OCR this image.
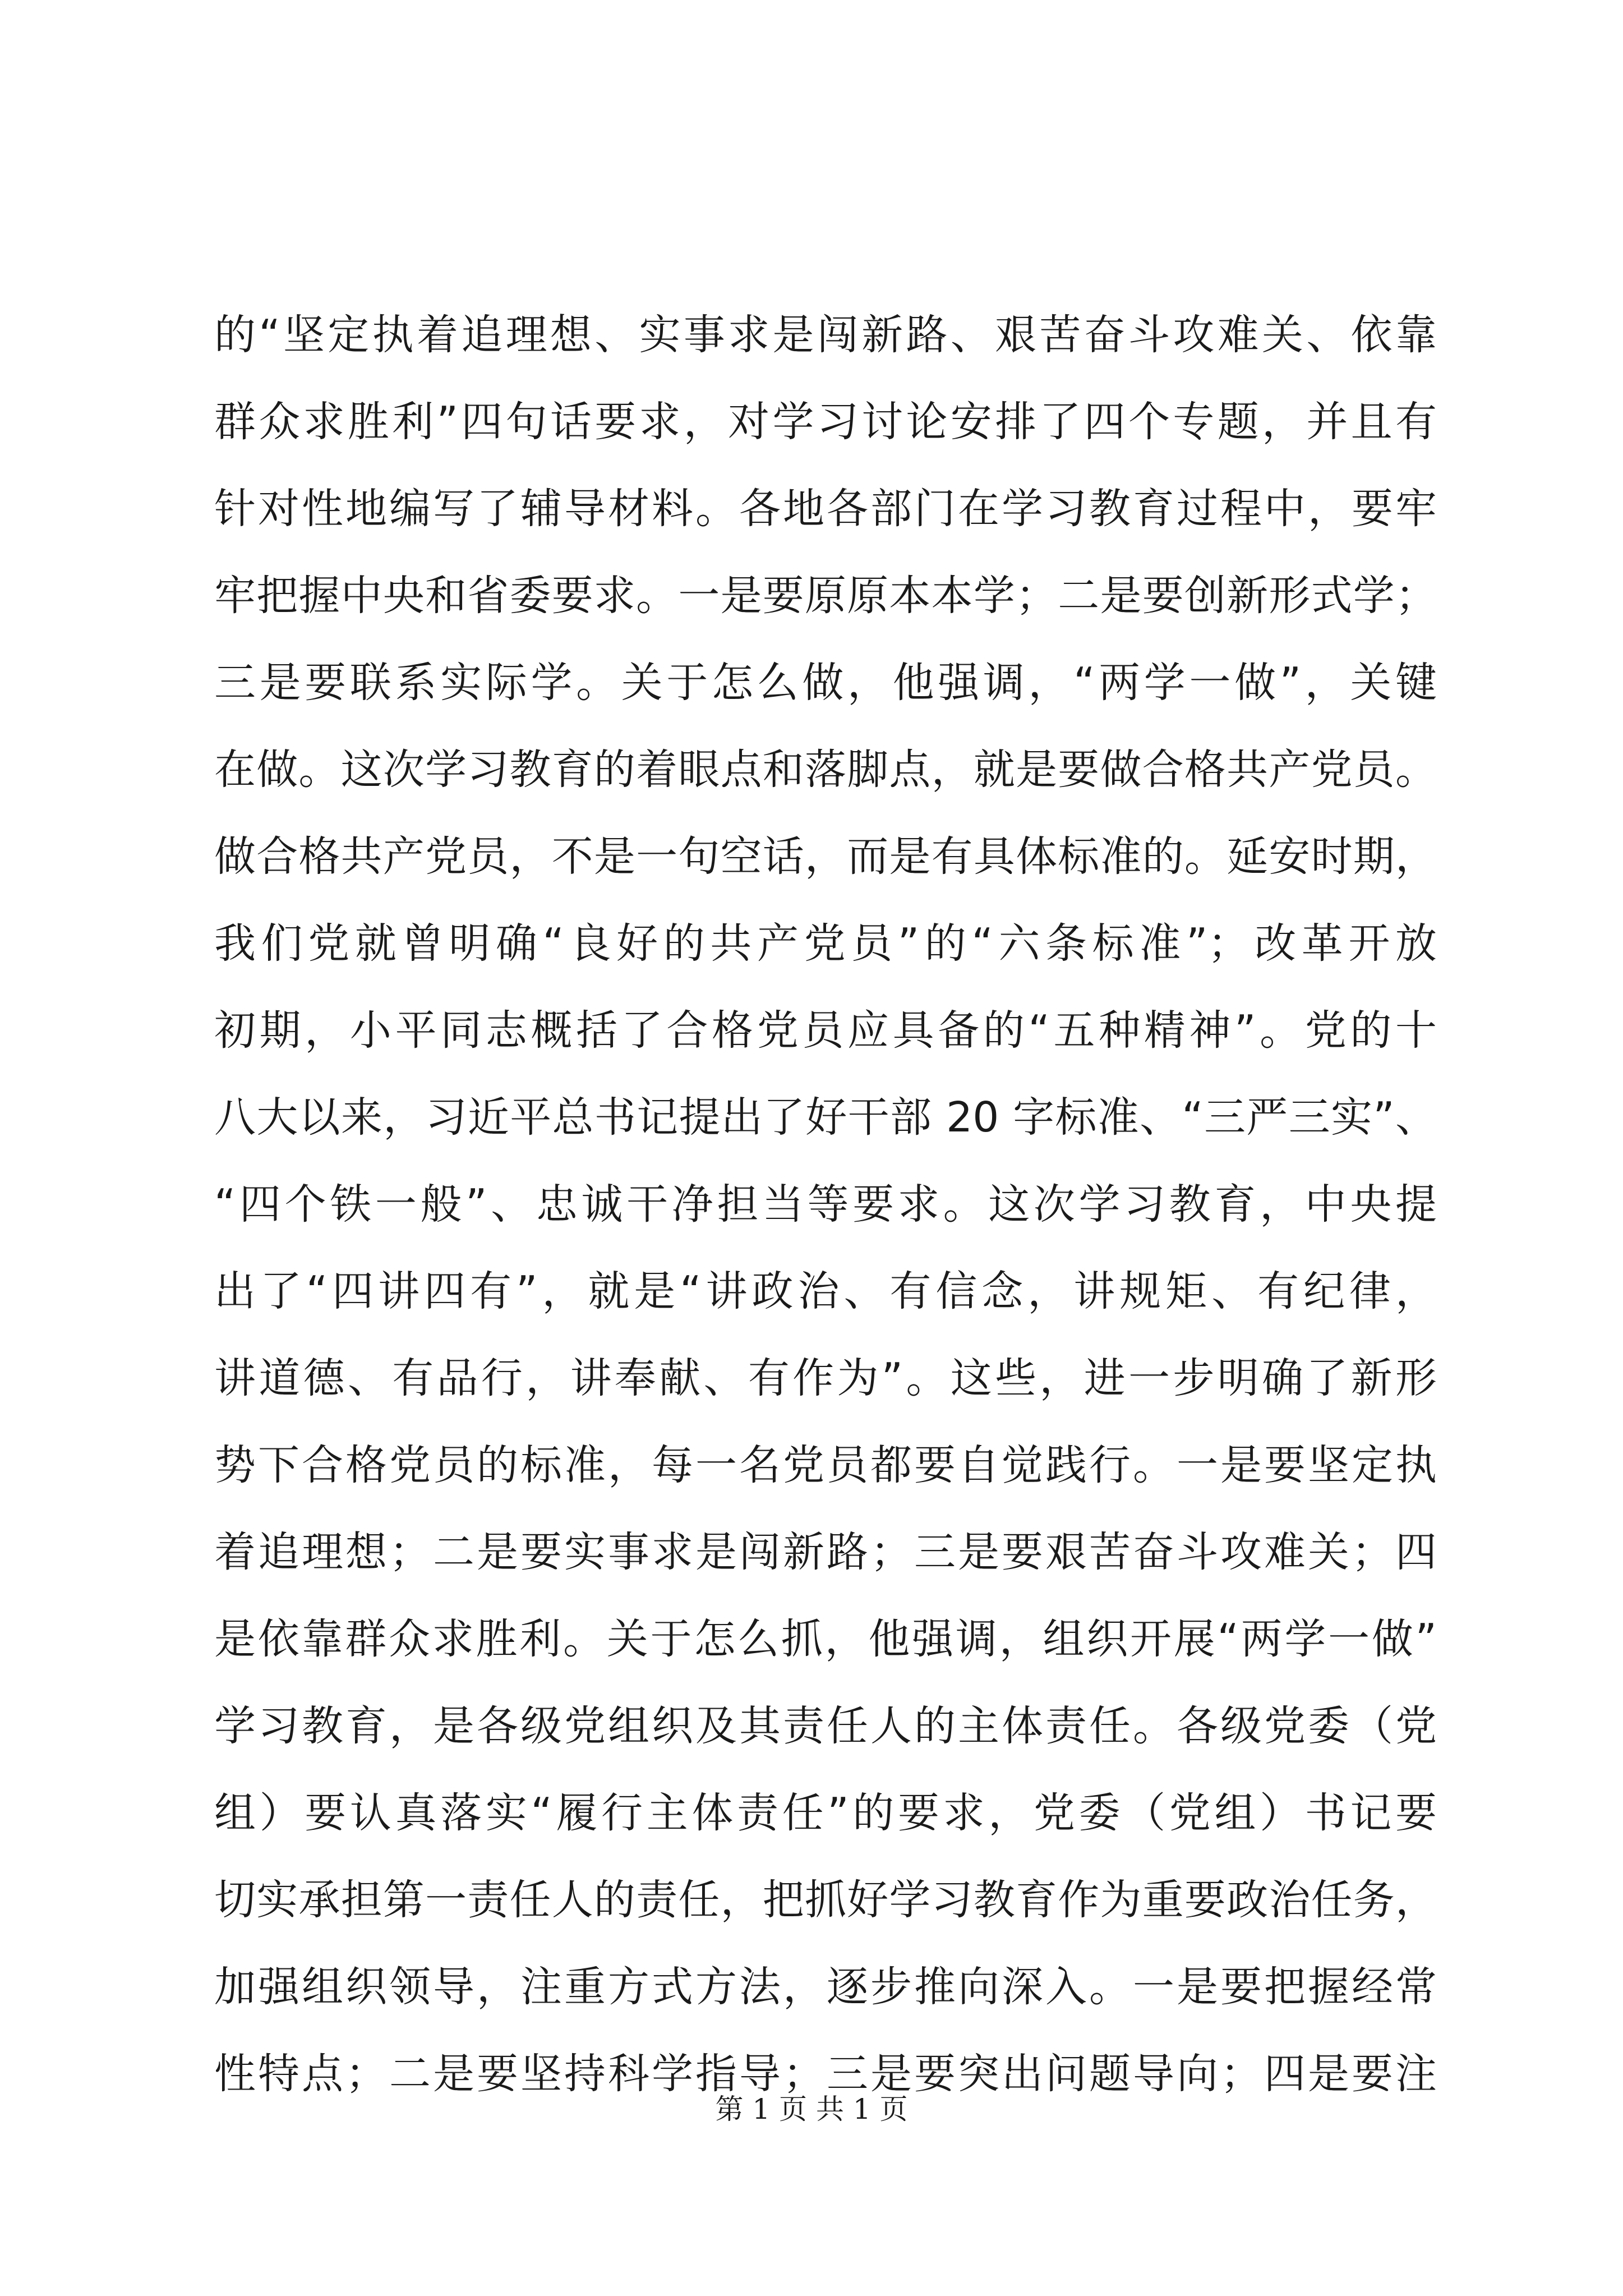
的“坚定执着追理想、实事求是闯新路、艰苦奋斗攻难关、依靠
群众求胜利”四句话要求，对学习讨论安排了四个专题，并且有
针对性地编写了辅导材料。各地各部门在学习教育过程中，要牢
牢把握中央和省委要求。一是要原原本本学；二是要创新形式学；
三是要联系实际学。关于怎么做，他强调，“两学一做”，关键
在做。这次学习教育的着眼点和落脚点，就是要做合格共产党员。
做合格共产党员，不是一句空话，而是有具体标准的。延安时期，
我们党就曾明确“良好的共产党员”的“六条标准”；改革开放
初期，小平同志概括了合格党员应具备的“五种精神”。党的十
八大以来，习近平总书记提出了好干部 20 字标准、“三严三实”、
“四个铁一般”、忠诚干净担当等要求。这次学习教育，中央提
出了“四讲四有”，就是“讲政治、有信念，讲规矩、有纪律，
讲道德、有品行，讲奉献、有作为”。这些，进一步明确了新形
势下合格党员的标准，每一名党员都要自觉践行。一是要坚定执
着追理想；二是要实事求是闯新路；三是要艰苦奋斗攻难关；四
是依靠群众求胜利。关于怎么抓，他强调，组织开展“两学一做”
学习教育，是各级党组织及其责任人的主体责任。各级党委（党
组）要认真落实“履行主体责任”的要求，党委（党组）书记要
切实承担第一责任人的责任，把抓好学习教育作为重要政治任务，
加强组织领导，注重方式方法，逐步推向深入。一是要把握经常
性特点；二是要坚持科学指导；三是要突出问题导向；四是要注
第 1 页 共 1 页
